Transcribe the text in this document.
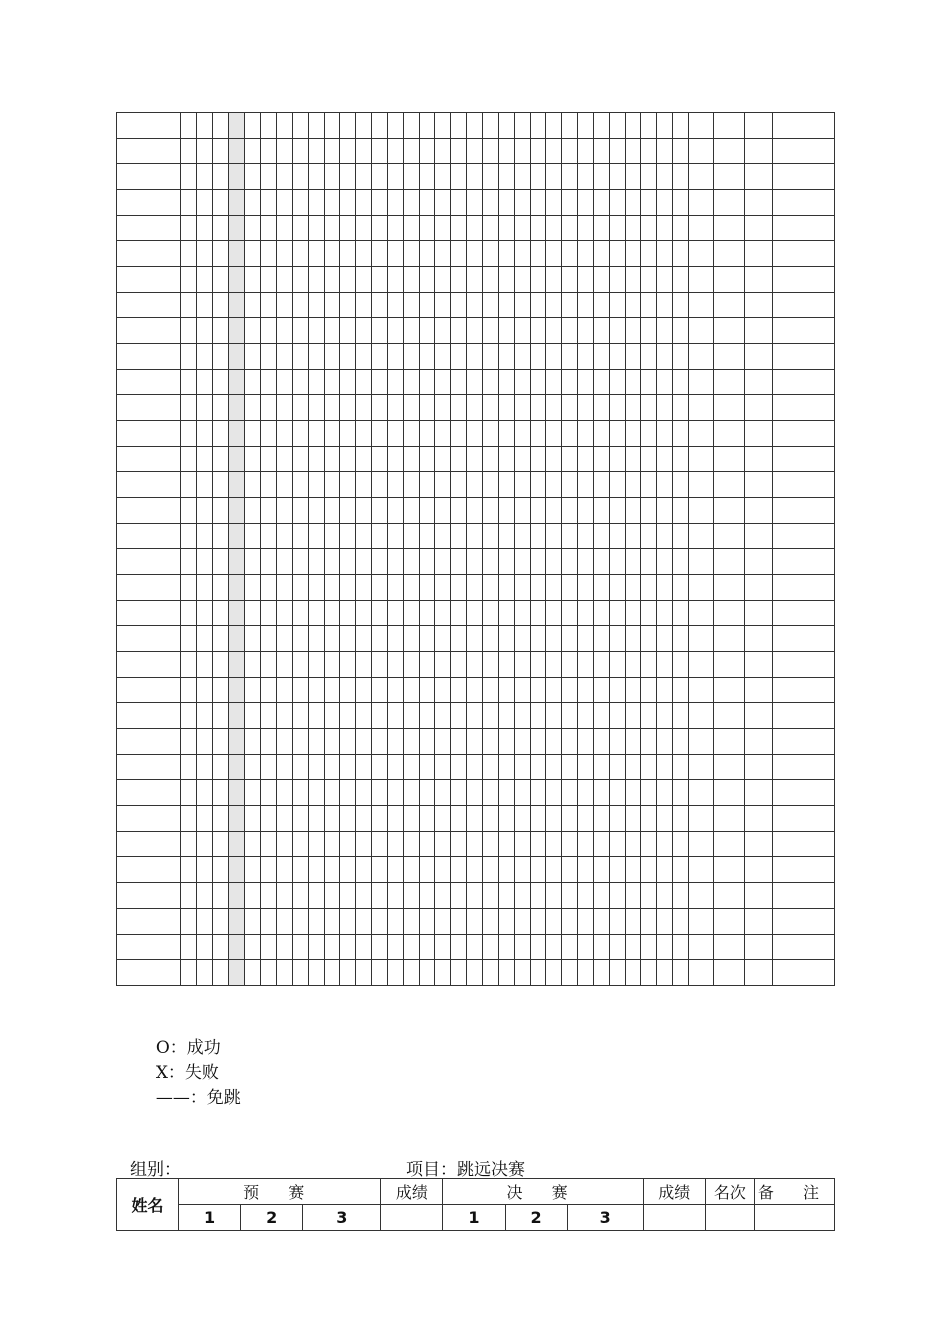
O：成功
X：失败
——：免跳

组别：	项目：跳远决赛
姓名	预 赛			成绩	决 赛			成绩	名次	备 注
	1	2	3		1	2	3			
